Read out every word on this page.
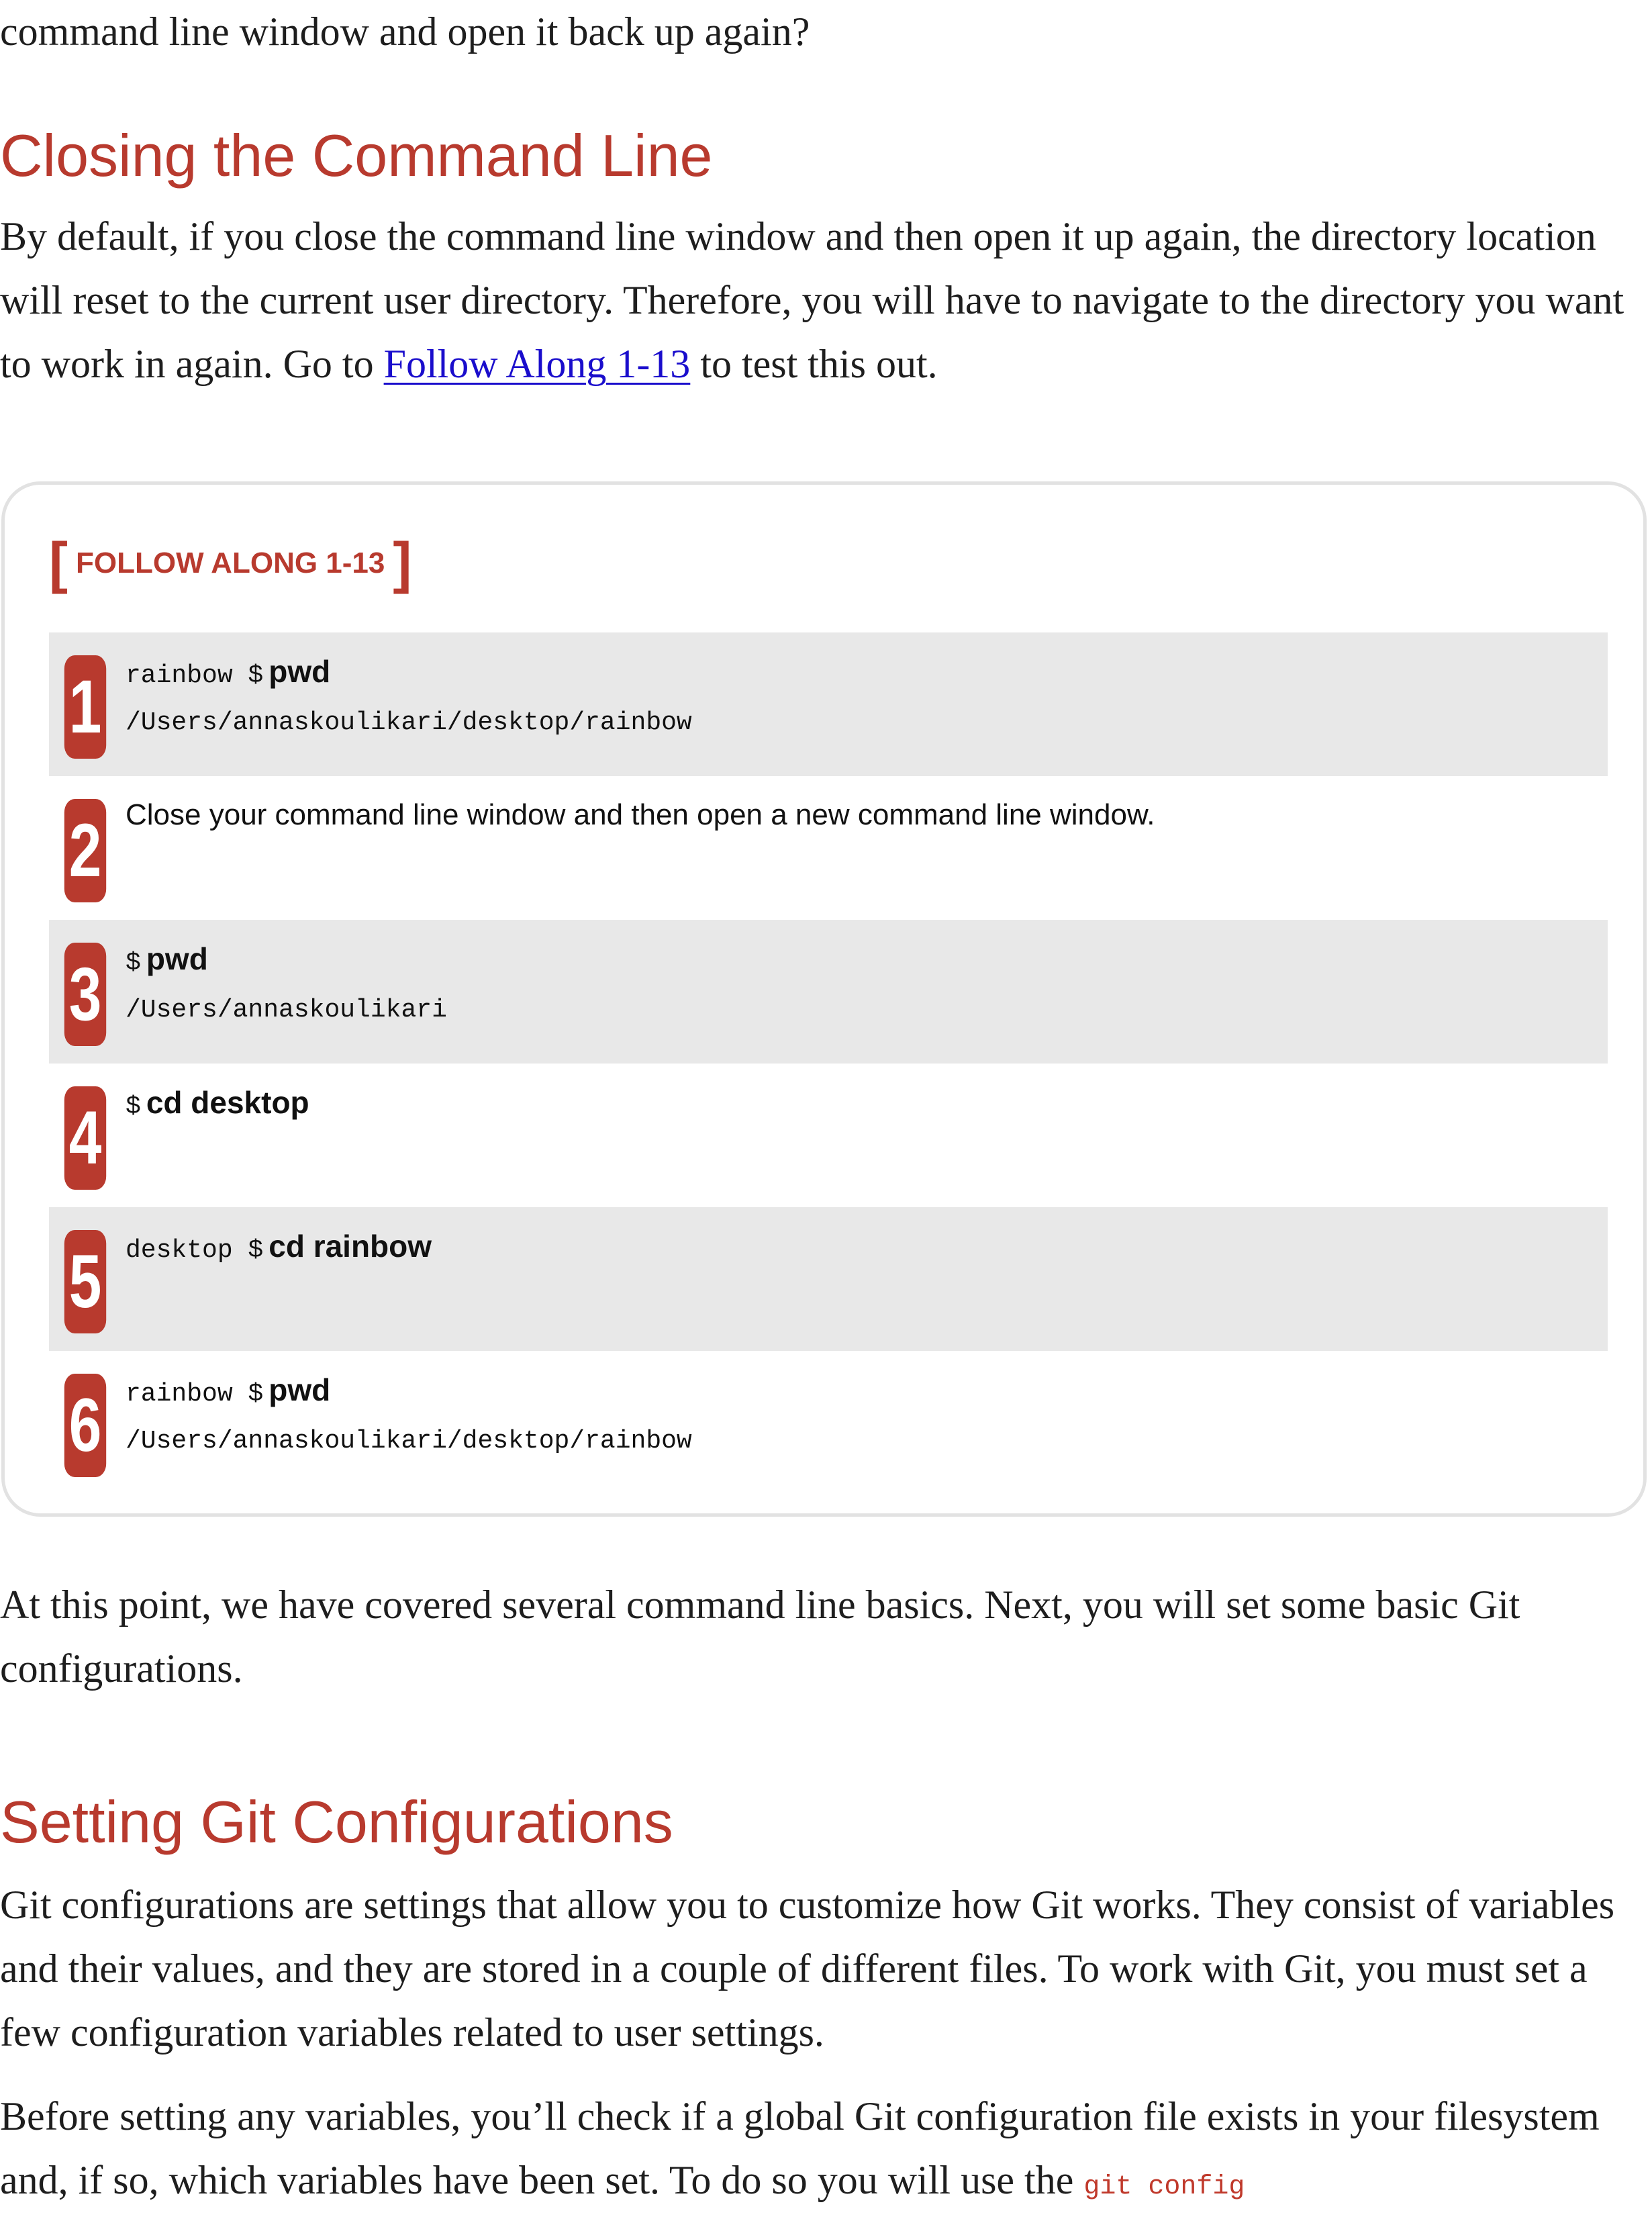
command line window and open it back up again?

Closing the Command Line

By default, if you close the command line window and then open it up again, the directory location will reset to the current user directory. Therefore, you will have to navigate to the directory you want to work in again. Go to Follow Along 1-13 to test this out.

[ FOLLOW ALONG 1-13 ]
1 rainbow $ pwd
/Users/annaskoulikari/desktop/rainbow
2 Close your command line window and then open a new command line window.
3 $ pwd
/Users/annaskoulikari
4 $ cd desktop
5 desktop $ cd rainbow
6 rainbow $ pwd
/Users/annaskoulikari/desktop/rainbow

At this point, we have covered several command line basics. Next, you will set some basic Git configurations.

Setting Git Configurations

Git configurations are settings that allow you to customize how Git works. They consist of variables and their values, and they are stored in a couple of different files. To work with Git, you must set a few configuration variables related to user settings.

Before setting any variables, you’ll check if a global Git configuration file exists in your filesystem and, if so, which variables have been set. To do so you will use the git config
